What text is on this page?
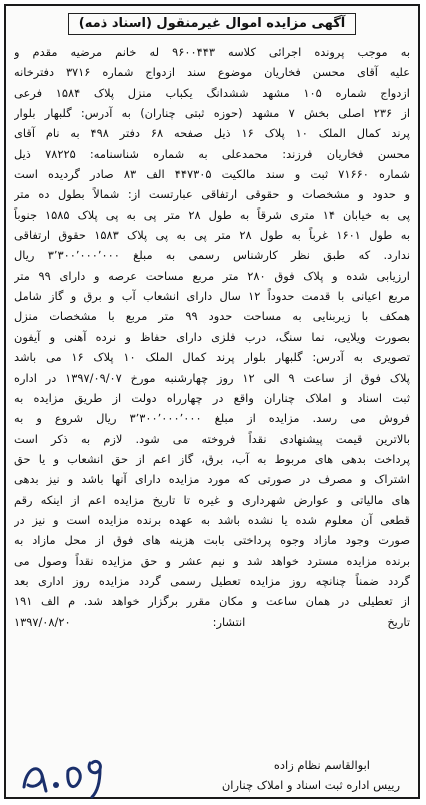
آگهی مزایده اموال غیرمنقول (اسناد ذمه)
به موجب پرونده اجرائی کلاسه ۹۶۰۰۴۴۳ له خانم مرضیه مقدم و
علیه آقای محسن فخاریان موضوع سند ازدواج شماره ۳۷۱۶ دفترخانه
ازدواج شماره ۱۰۵ مشهد ششدانگ یکباب منزل پلاک ۱۵۸۴ فرعی
از ۲۳۶ اصلی بخش ۷ مشهد (حوزه ثبتی چناران) به آدرس: گلبهار بلوار
پرند کمال الملک ۱۰ پلاک ۱۶ ذیل صفحه ۶۸ دفتر ۴۹۸ به نام آقای
محسن فخاریان فرزند: محمدعلی به شماره شناسنامه: ۷۸۲۲۵ ذیل
شماره ۷۱۶۶۰ ثبت و سند مالکیت ۴۴۷۳۰۵ الف ۸۳ صادر گردیده است
و حدود و مشخصات و حقوقی ارتفاقی عبارتست از: شمالاً بطول ده متر
پی به خیابان ۱۴ متری شرقاً به طول ۲۸ متر پی به پی پلاک ۱۵۸۵ جنوباً
به طول ۱۶۰۱ غرباً به طول ۲۸ متر پی به پی پلاک ۱۵۸۳ حقوق ارتفاقی
ندارد. که طبق نظر کارشناس رسمی به مبلغ ۳٬۳۰۰٬۰۰۰٬۰۰۰ ریال
ارزیابی شده و پلاک فوق ۲۸۰ متر مربع مساحت عرصه و دارای ۹۹ متر
مربع اعیانی با قدمت حدوداً ۱۲ سال دارای انشعاب آب و برق و گاز شامل
همکف با زیربنایی به مساحت حدود ۹۹ متر مربع با مشخصات منزل
بصورت ویلایی، نما سنگ، درب فلزی دارای حفاظ و نرده آهنی و آیفون
تصویری به آدرس: گلبهار بلوار پرند کمال الملک ۱۰ پلاک ۱۶ می باشد
پلاک فوق از ساعت ۹ الی ۱۲ روز چهارشنبه مورخ ۱۳۹۷/۰۹/۰۷ در اداره
ثبت اسناد و املاک چناران واقع در چهارراه دولت از طریق مزایده به
فروش می رسد. مزایده از مبلغ ۳٬۳۰۰٬۰۰۰٬۰۰۰ ریال شروع و به
بالاترین قیمت پیشنهادی نقداً فروخته می شود. لازم به ذکر است
پرداخت بدهی های مربوط به آب، برق، گاز اعم از حق انشعاب و یا حق
اشتراک و مصرف در صورتی که مورد مزایده دارای آنها باشد و نیز بدهی
های مالیاتی و عوارض شهرداری و غیره تا تاریخ مزایده اعم از اینکه رقم
قطعی آن معلوم شده یا نشده باشد به عهده برنده مزایده است و نیز در
صورت وجود مازاد وجوه پرداختی بابت هزینه های فوق از محل مازاد به
برنده مزایده مسترد خواهد شد و نیم عشر و حق مزایده نقداً وصول می
گردد ضمناً چنانچه روز مزایده تعطیل رسمی گردد مزایده روز اداری بعد
از تعطیلی در همان ساعت و مکان مقرر برگزار خواهد شد. م الف ۱۹۱
تاریخ انتشار: ۱۳۹۷/۰۸/۲۰
ابوالقاسم نظام زاده
رییس اداره ثبت اسناد و املاک چناران
